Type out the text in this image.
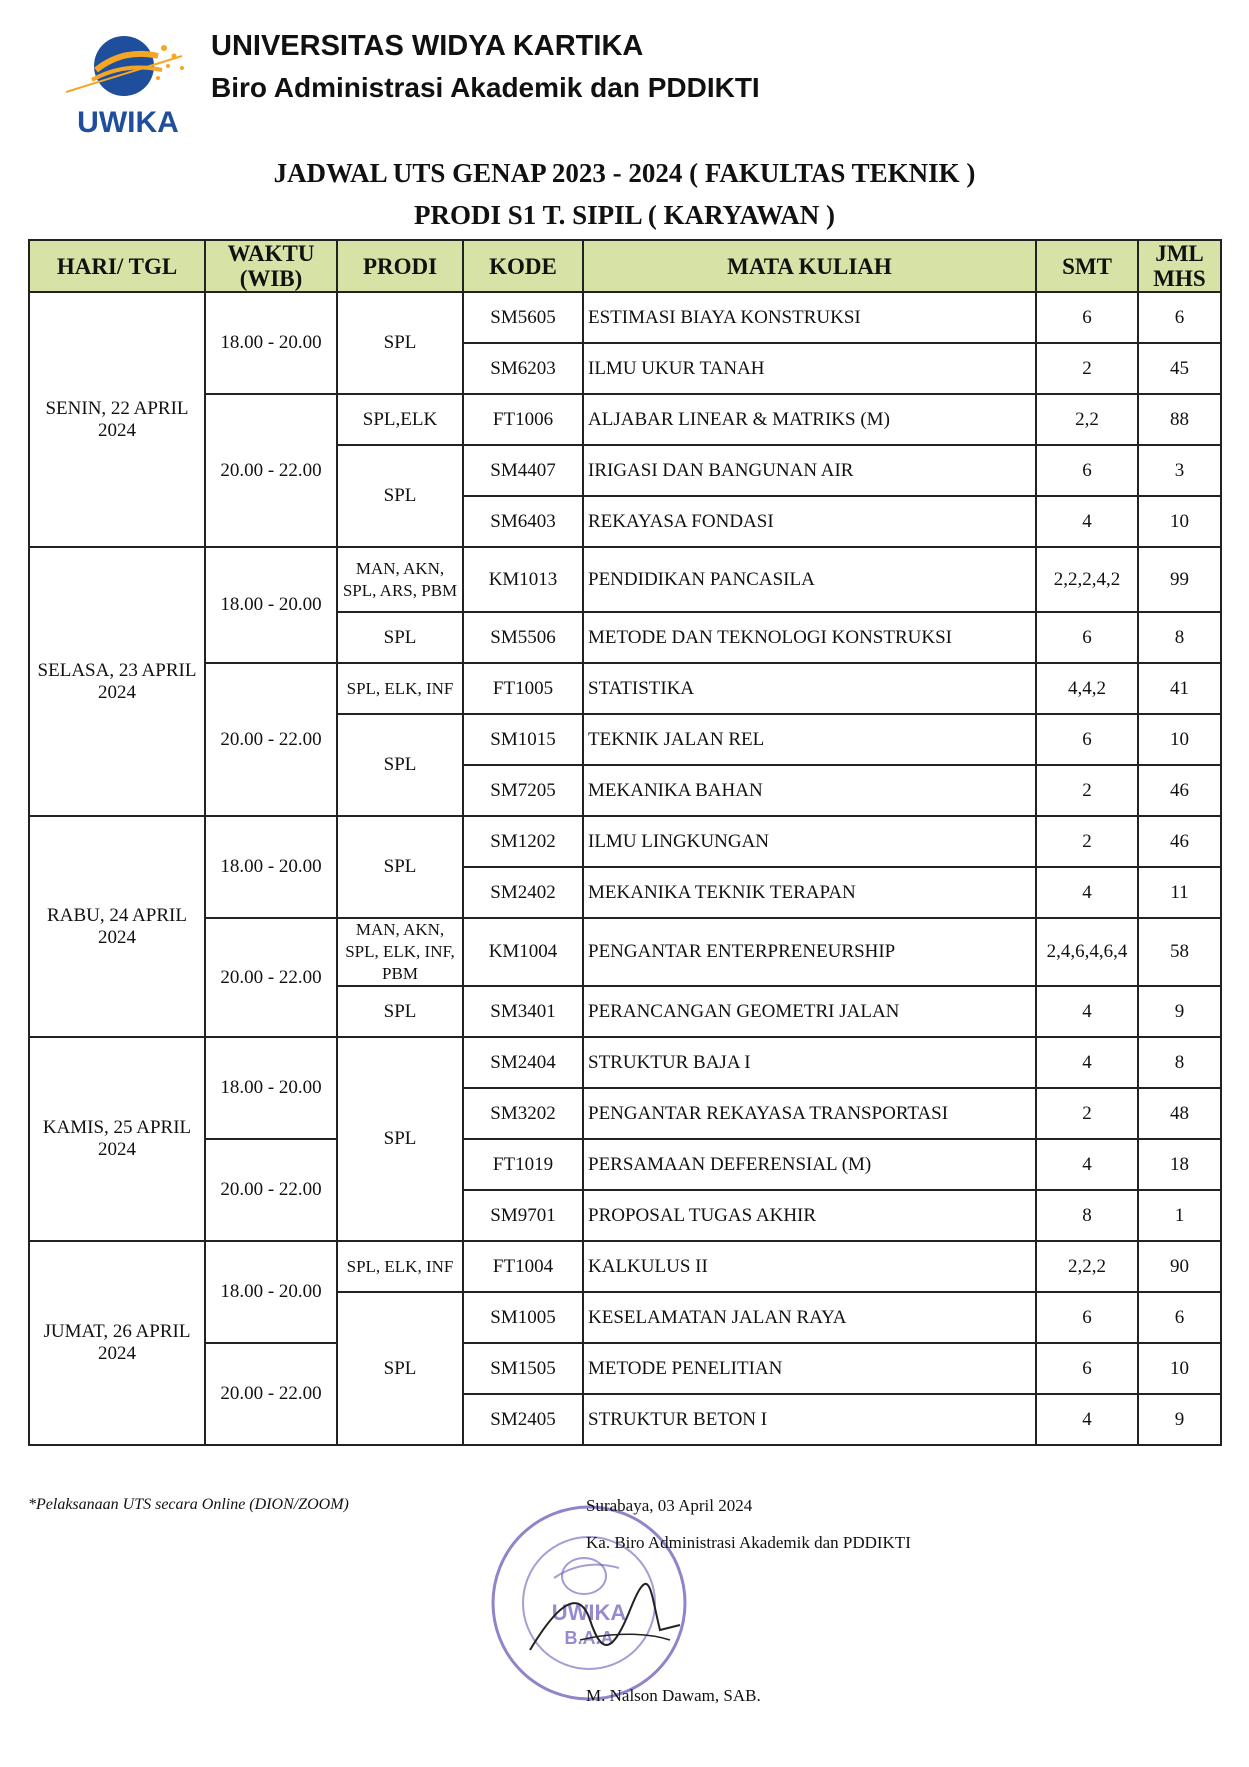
UWIKA
UNIVERSITAS WIDYA KARTIKA
Biro Administrasi Akademik dan PDDIKTI
JADWAL UTS GENAP 2023 - 2024 ( FAKULTAS TEKNIK )
PRODI S1 T. SIPIL ( KARYAWAN )
HARI/ TGL	WAKTU (WIB)	PRODI	KODE	MATA KULIAH	SMT	JML MHS
SENIN, 22 APRIL 2024	18.00 - 20.00	SPL	SM5605	ESTIMASI BIAYA KONSTRUKSI	6	6
			SM6203	ILMU UKUR TANAH	2	45
	20.00 - 22.00	SPL,ELK	FT1006	ALJABAR LINEAR & MATRIKS (M)	2,2	88
		SPL	SM4407	IRIGASI DAN BANGUNAN AIR	6	3
			SM6403	REKAYASA FONDASI	4	10
SELASA, 23 APRIL 2024	18.00 - 20.00	MAN, AKN, SPL, ARS, PBM	KM1013	PENDIDIKAN PANCASILA	2,2,2,4,2	99
		SPL	SM5506	METODE DAN TEKNOLOGI KONSTRUKSI	6	8
	20.00 - 22.00	SPL, ELK, INF	FT1005	STATISTIKA	4,4,2	41
		SPL	SM1015	TEKNIK JALAN REL	6	10
			SM7205	MEKANIKA BAHAN	2	46
RABU, 24 APRIL 2024	18.00 - 20.00	SPL	SM1202	ILMU LINGKUNGAN	2	46
			SM2402	MEKANIKA TEKNIK TERAPAN	4	11
	20.00 - 22.00	MAN, AKN, SPL, ELK, INF, PBM	KM1004	PENGANTAR ENTERPRENEURSHIP	2,4,6,4,6,4	58
		SPL	SM3401	PERANCANGAN GEOMETRI JALAN	4	9
KAMIS, 25 APRIL 2024	18.00 - 20.00	SPL	SM2404	STRUKTUR BAJA I	4	8
			SM3202	PENGANTAR REKAYASA TRANSPORTASI	2	48
	20.00 - 22.00		FT1019	PERSAMAAN DEFERENSIAL (M)	4	18
			SM9701	PROPOSAL TUGAS AKHIR	8	1
JUMAT, 26 APRIL 2024	18.00 - 20.00	SPL, ELK, INF	FT1004	KALKULUS II	2,2,2	90
		SPL	SM1005	KESELAMATAN JALAN RAYA	6	6
	20.00 - 22.00		SM1505	METODE PENELITIAN	6	10
			SM2405	STRUKTUR BETON I	4	9
*Pelaksanaan UTS secara Online (DION/ZOOM)
UWIKA
B.A.A
Surabaya, 03 April 2024
Ka. Biro Administrasi Akademik dan PDDIKTI
M. Nalson Dawam, SAB.
